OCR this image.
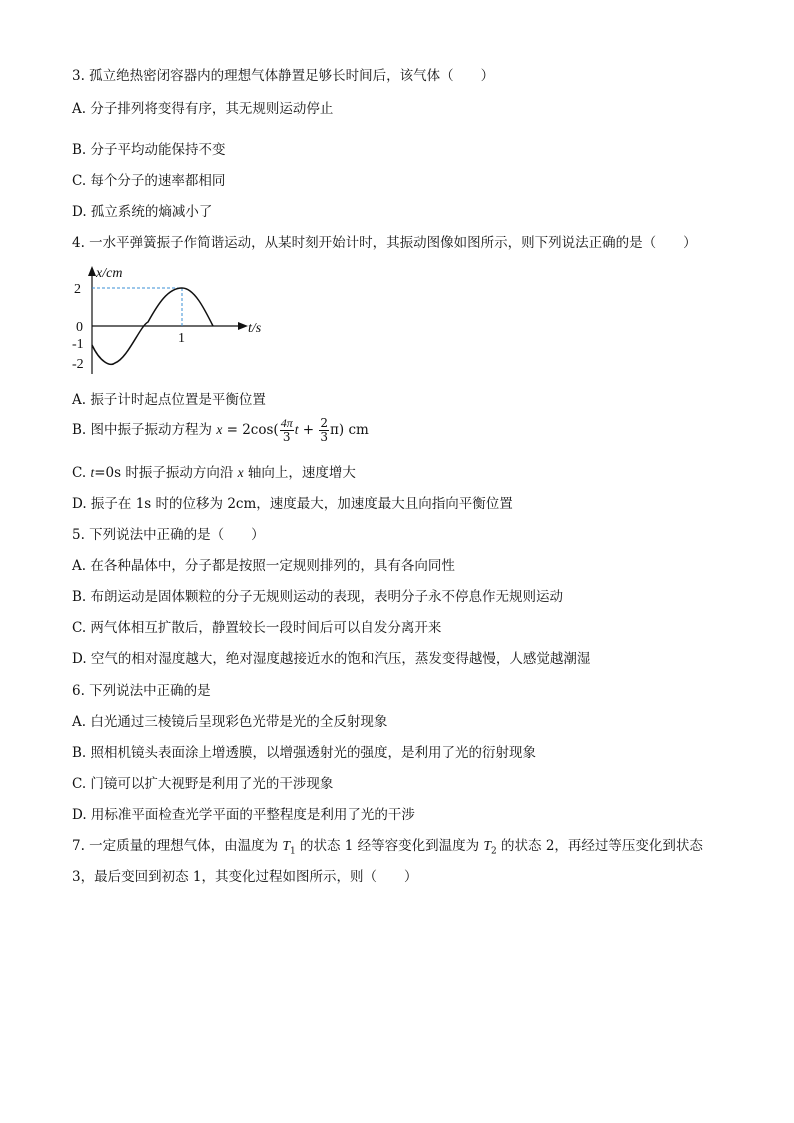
3. 孤立绝热密闭容器内的理想气体静置足够长时间后，该气体（　　）
A. 分子排列将变得有序，其无规则运动停止
B. 分子平均动能保持不变
C. 每个分子的速率都相同
D. 孤立系统的熵减小了
4. 一水平弹簧振子作简谐运动，从某时刻开始计时，其振动图像如图所示，则下列说法正确的是（　　）
x/cm
t/s
2
0
-1
-2
1
A. 振子计时起点位置是平衡位置
B. 图中振子振动方程为 $x = 2\cos( \frac{4\pi}{3}$ $t + \frac{2}{3} \pi$) cm
C. t=0s 时振子振动方向沿 x 轴向上，速度增大
D. 振子在 1s 时的位移为 2cm，速度最大，加速度最大且向指向平衡位置
5. 下列说法中正确的是（　　）
A. 在各种晶体中，分子都是按照一定规则排列的，具有各向同性
B. 布朗运动是固体颗粒的分子无规则运动的表现，表明分子永不停息作无规则运动
C. 两气体相互扩散后，静置较长一段时间后可以自发分离开来
D. 空气的相对湿度越大，绝对湿度越接近水的饱和汽压，蒸发变得越慢，人感觉越潮湿
6. 下列说法中正确的是
A. 白光通过三棱镜后呈现彩色光带是光的全反射现象
B. 照相机镜头表面涂上增透膜，以增强透射光的强度，是利用了光的衍射现象
C. 门镜可以扩大视野是利用了光的干涉现象
D. 用标准平面检查光学平面的平整程度是利用了光的干涉
7. 一定质量的理想气体，由温度为 $T_1$ 的状态 1 经等容变化到温度为 $T_2$ 的状态 2，再经过等压变化到状态
3，最后变回到初态 1，其变化过程如图所示，则（　　）
